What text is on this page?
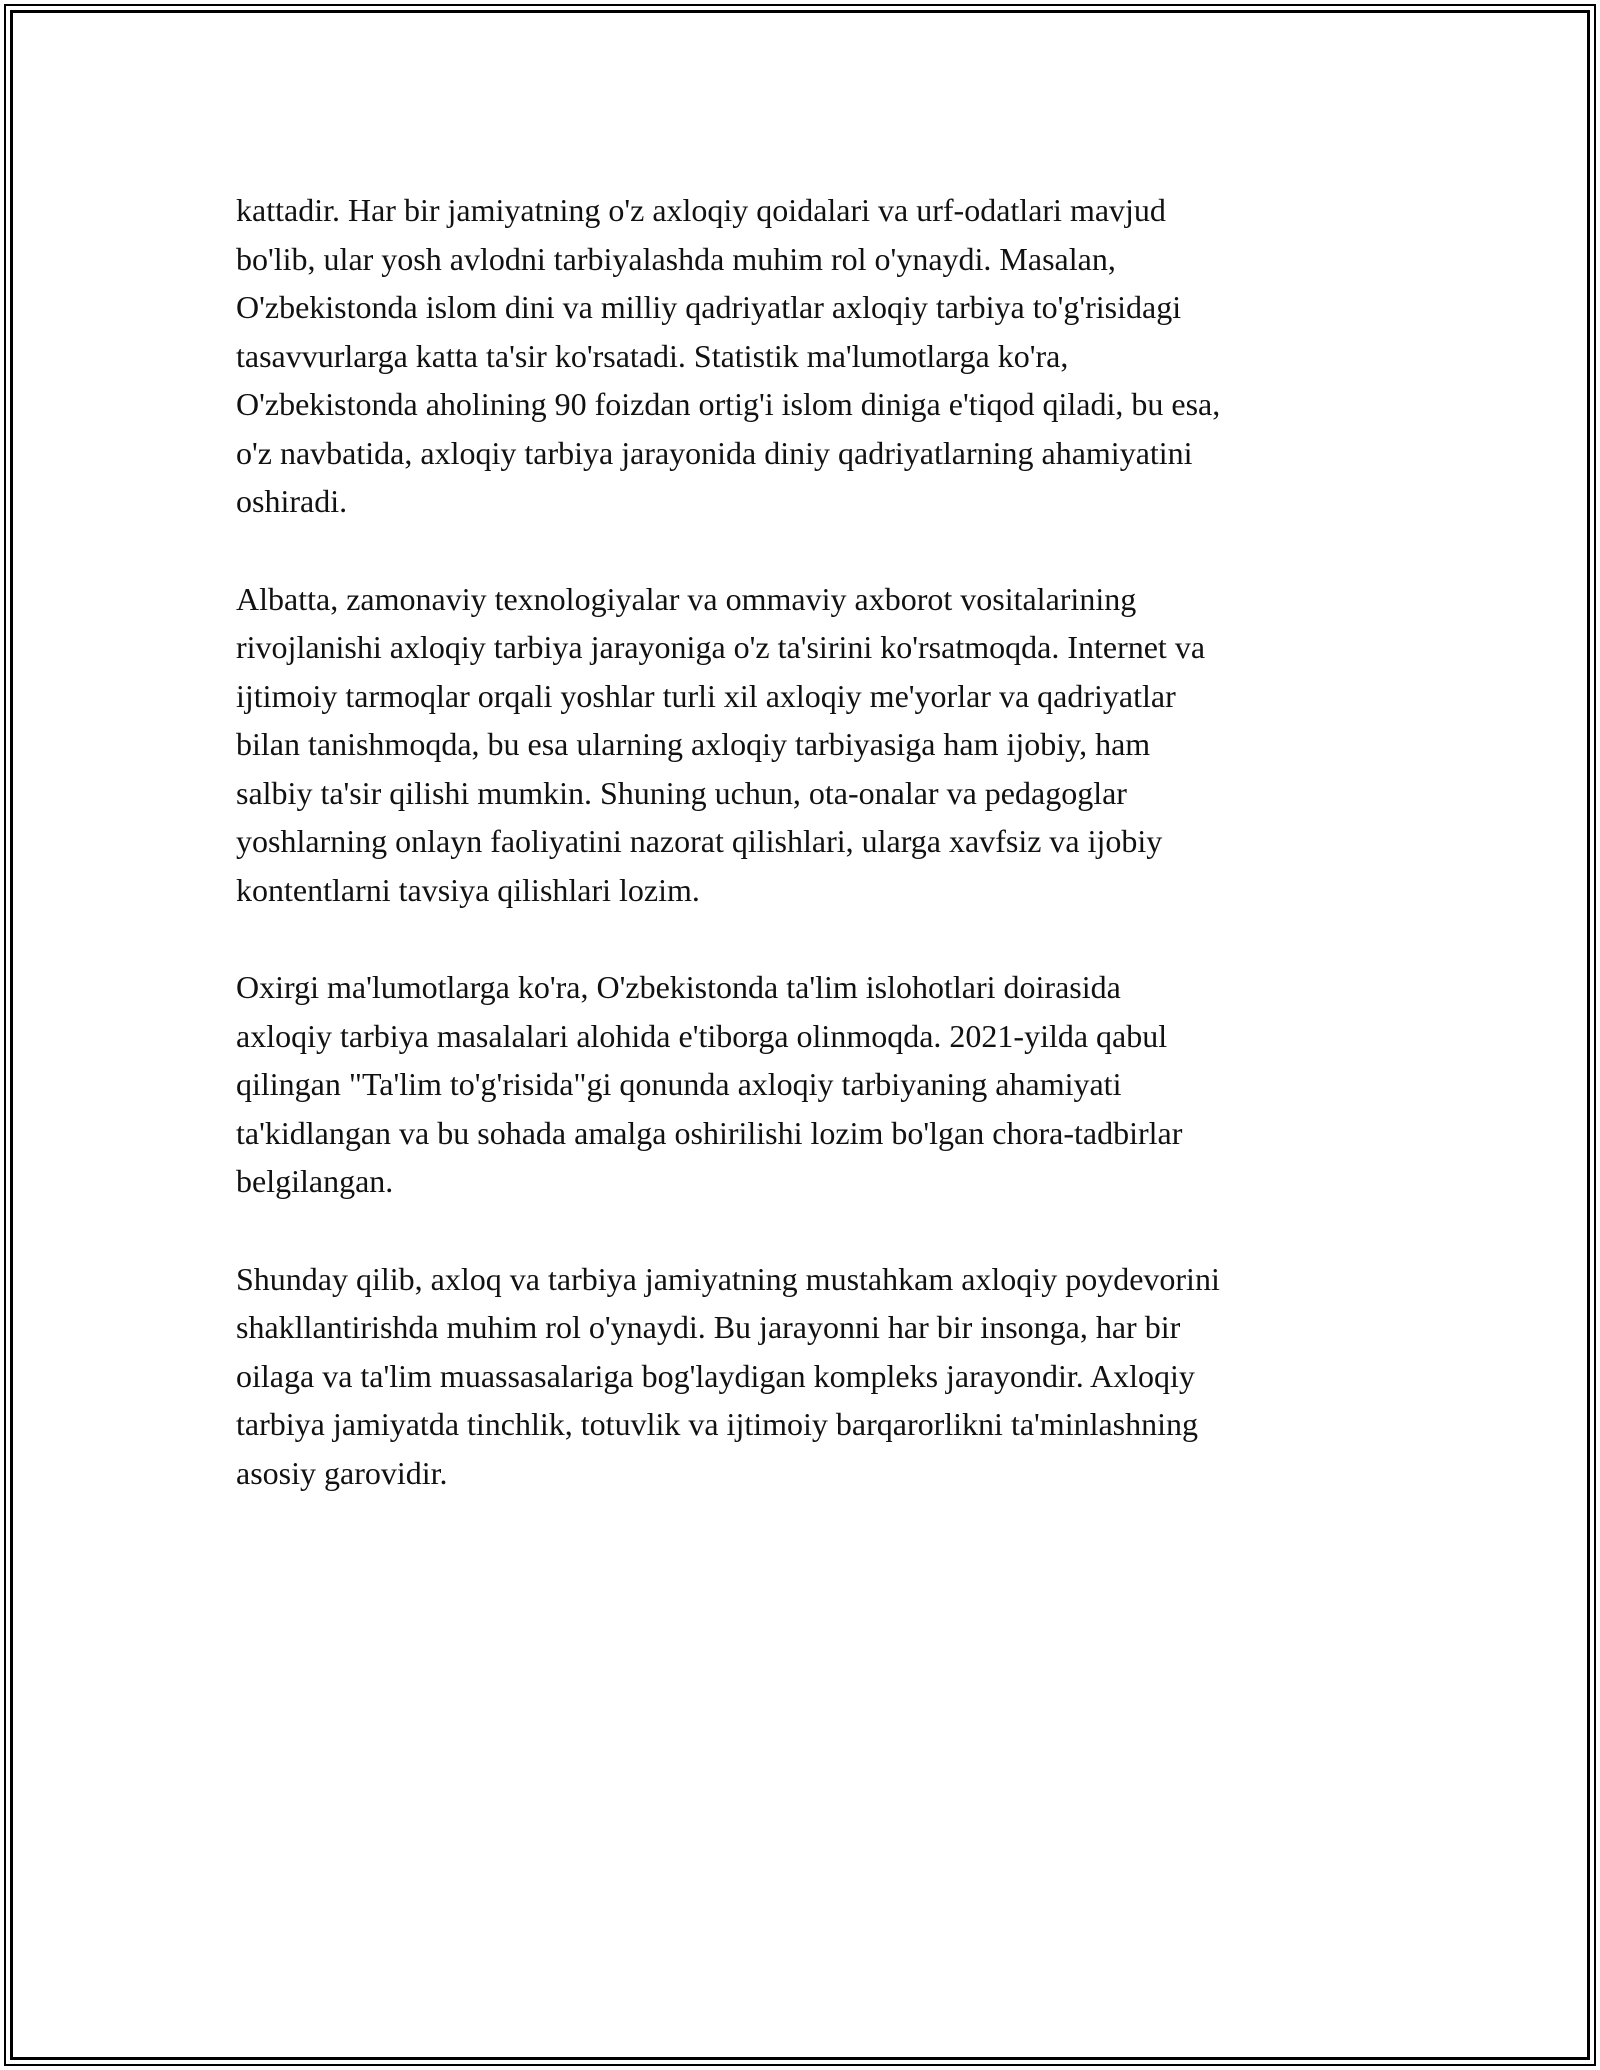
kattadir. Har bir jamiyatning o'z axloqiy qoidalari va urf-odatlari mavjud
bo'lib, ular yosh avlodni tarbiyalashda muhim rol o'ynaydi. Masalan,
O'zbekistonda islom dini va milliy qadriyatlar axloqiy tarbiya to'g'risidagi
tasavvurlarga katta ta'sir ko'rsatadi. Statistik ma'lumotlarga ko'ra,
O'zbekistonda aholining 90 foizdan ortig'i islom diniga e'tiqod qiladi, bu esa,
o'z navbatida, axloqiy tarbiya jarayonida diniy qadriyatlarning ahamiyatini
oshiradi.

Albatta, zamonaviy texnologiyalar va ommaviy axborot vositalarining
rivojlanishi axloqiy tarbiya jarayoniga o'z ta'sirini ko'rsatmoqda. Internet va
ijtimoiy tarmoqlar orqali yoshlar turli xil axloqiy me'yorlar va qadriyatlar
bilan tanishmoqda, bu esa ularning axloqiy tarbiyasiga ham ijobiy, ham
salbiy ta'sir qilishi mumkin. Shuning uchun, ota-onalar va pedagoglar
yoshlarning onlayn faoliyatini nazorat qilishlari, ularga xavfsiz va ijobiy
kontentlarni tavsiya qilishlari lozim.

Oxirgi ma'lumotlarga ko'ra, O'zbekistonda ta'lim islohotlari doirasida
axloqiy tarbiya masalalari alohida e'tiborga olinmoqda. 2021-yilda qabul
qilingan "Ta'lim to'g'risida"gi qonunda axloqiy tarbiyaning ahamiyati
ta'kidlangan va bu sohada amalga oshirilishi lozim bo'lgan chora-tadbirlar
belgilangan.

Shunday qilib, axloq va tarbiya jamiyatning mustahkam axloqiy poydevorini
shakllantirishda muhim rol o'ynaydi. Bu jarayonni har bir insonga, har bir
oilaga va ta'lim muassasalariga bog'laydigan kompleks jarayondir. Axloqiy
tarbiya jamiyatda tinchlik, totuvlik va ijtimoiy barqarorlikni ta'minlashning
asosiy garovidir.
